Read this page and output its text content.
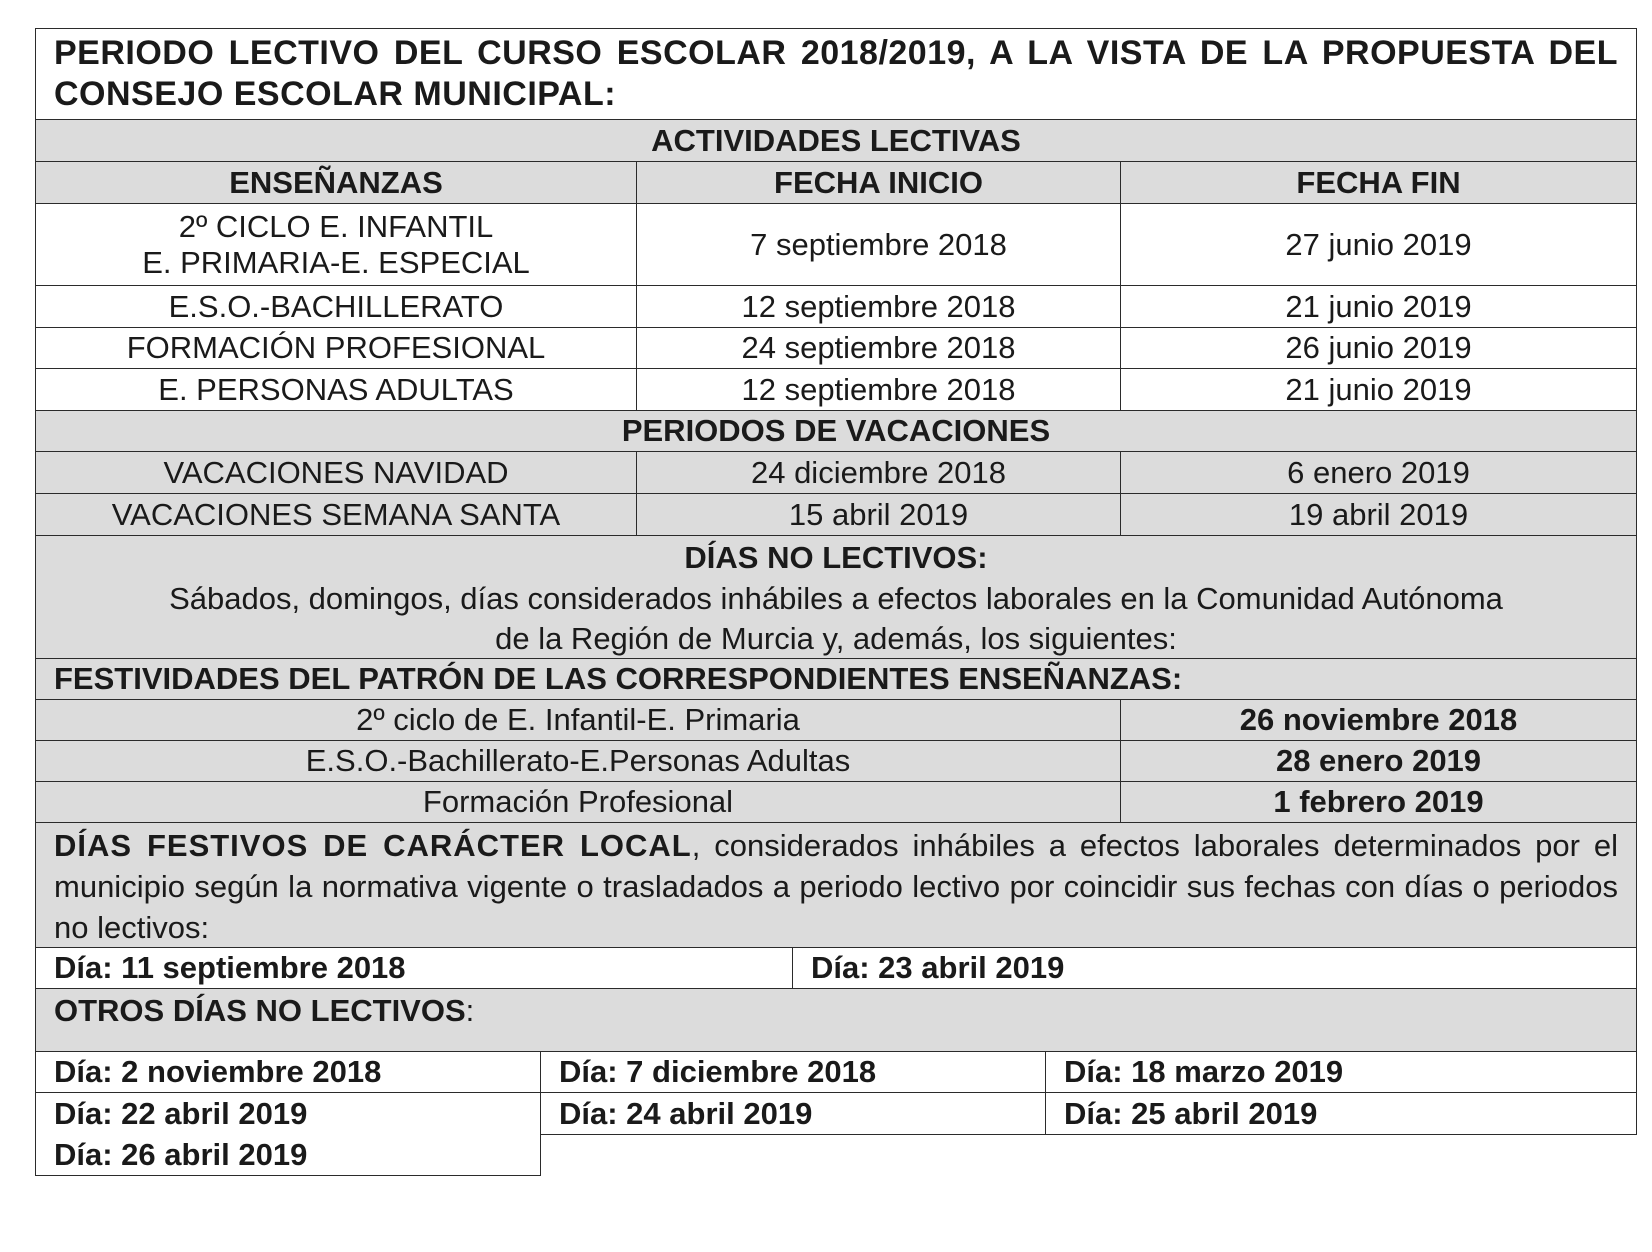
PERIODO LECTIVO DEL CURSO ESCOLAR 2018/2019, A LA VISTA DE LA PROPUESTA DEL CONSEJO ESCOLAR MUNICIPAL:
ACTIVIDADES LECTIVAS
ENSEÑANZAS	FECHA INICIO	FECHA FIN
2º CICLO E. INFANTIL
E. PRIMARIA-E. ESPECIAL
7 septiembre 2018	27 junio 2019
E.S.O.-BACHILLERATO	12 septiembre 2018	21 junio 2019
FORMACIÓN PROFESIONAL	24 septiembre 2018	26 junio 2019
E. PERSONAS ADULTAS	12 septiembre 2018	21 junio 2019
PERIODOS DE VACACIONES
VACACIONES NAVIDAD	24 diciembre 2018	6 enero 2019
VACACIONES SEMANA SANTA	15 abril 2019	19 abril 2019
DÍAS NO LECTIVOS:
Sábados, domingos, días considerados inhábiles a efectos laborales en la Comunidad Autónoma
de la Región de Murcia y, además, los siguientes:
FESTIVIDADES DEL PATRÓN DE LAS CORRESPONDIENTES ENSEÑANZAS:
2º ciclo de E. Infantil-E. Primaria	26 noviembre 2018
E.S.O.-Bachillerato-E.Personas Adultas	28 enero 2019
Formación Profesional	1 febrero 2019
DÍAS FESTIVOS DE CARÁCTER LOCAL, considerados inhábiles a efectos laborales determinados por el municipio según la normativa vigente o trasladados a periodo lectivo por coincidir sus fechas con días o periodos no lectivos:
Día: 11 septiembre 2018	Día: 23 abril 2019
OTROS DÍAS NO LECTIVOS:
Día: 2 noviembre 2018	Día: 7 diciembre 2018	Día: 18 marzo 2019
Día: 22 abril 2019	Día: 24 abril 2019	Día: 25 abril 2019
Día: 26 abril 2019
